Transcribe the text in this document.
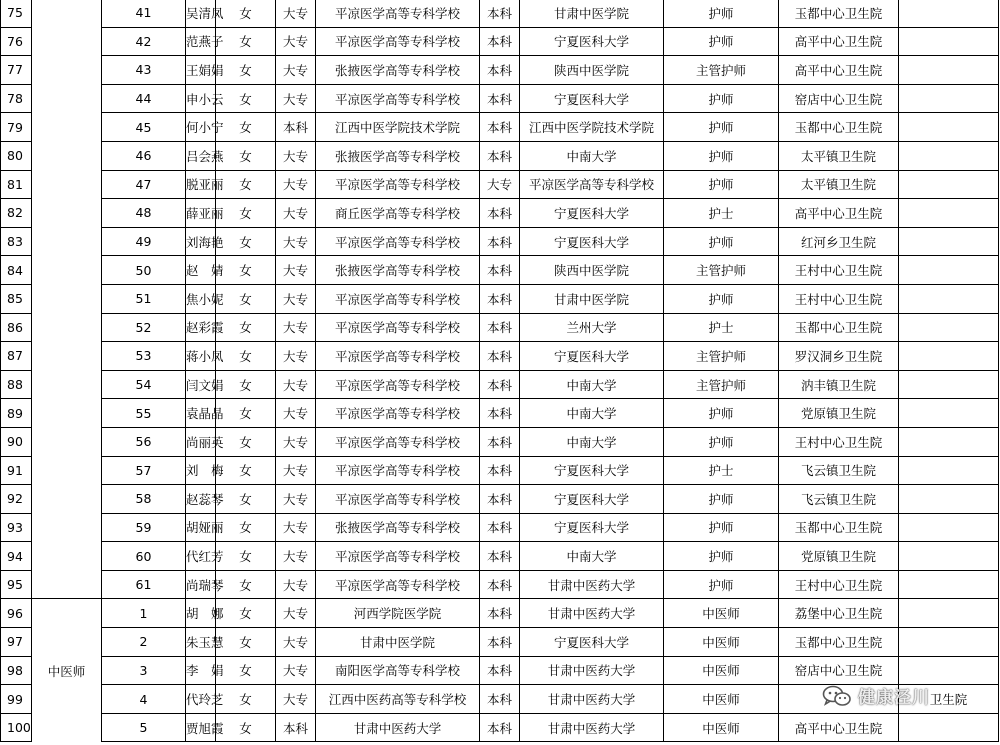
75		41	吴清凤	女	大专	平凉医学高等专科学校	本科	甘肃中医学院	护师	玉都中心卫生院	
76		42	范燕子	女	大专	平凉医学高等专科学校	本科	宁夏医科大学	护师	高平中心卫生院	
77		43	王娟娟	女	大专	张掖医学高等专科学校	本科	陕西中医学院	主管护师	高平中心卫生院	
78		44	申小云	女	大专	平凉医学高等专科学校	本科	宁夏医科大学	护师	窑店中心卫生院	
79		45	何小宁	女	本科	江西中医学院技术学院	本科	江西中医学院技术学院	护师	玉都中心卫生院	
80		46	吕会燕	女	大专	张掖医学高等专科学校	本科	中南大学	护师	太平镇卫生院	
81		47	脱亚丽	女	大专	平凉医学高等专科学校	大专	平凉医学高等专科学校	护师	太平镇卫生院	
82		48	薛亚丽	女	大专	商丘医学高等专科学校	本科	宁夏医科大学	护士	高平中心卫生院	
83		49	刘海艳	女	大专	平凉医学高等专科学校	本科	宁夏医科大学	护师	红河乡卫生院	
84		50	赵　婧	女	大专	张掖医学高等专科学校	本科	陕西中医学院	主管护师	王村中心卫生院	
85		51	焦小妮	女	大专	平凉医学高等专科学校	本科	甘肃中医学院	护师	王村中心卫生院	
86		52	赵彩霞	女	大专	平凉医学高等专科学校	本科	兰州大学	护士	玉都中心卫生院	
87		53	蒋小凤	女	大专	平凉医学高等专科学校	本科	宁夏医科大学	主管护师	罗汉洞乡卫生院	
88		54	闫文娟	女	大专	平凉医学高等专科学校	本科	中南大学	主管护师	汭丰镇卫生院	
89		55	袁晶晶	女	大专	平凉医学高等专科学校	本科	中南大学	护师	党原镇卫生院	
90		56	尚丽英	女	大专	平凉医学高等专科学校	本科	中南大学	护师	王村中心卫生院	
91		57	刘　梅	女	大专	平凉医学高等专科学校	本科	宁夏医科大学	护士	飞云镇卫生院	
92		58	赵蕊琴	女	大专	平凉医学高等专科学校	本科	宁夏医科大学	护师	飞云镇卫生院	
93		59	胡娅丽	女	大专	张掖医学高等专科学校	本科	宁夏医科大学	护师	玉都中心卫生院	
94		60	代红芳	女	大专	平凉医学高等专科学校	本科	中南大学	护师	党原镇卫生院	
95		61	尚瑞琴	女	大专	平凉医学高等专科学校	本科	甘肃中医药大学	护师	王村中心卫生院	
96	中医师	1	胡　娜	女	大专	河西学院医学院	本科	甘肃中医药大学	中医师	荔堡中心卫生院	
97		2	朱玉慧	女	大专	甘肃中医学院	本科	宁夏医科大学	中医师	玉都中心卫生院	
98		3	李　娟	女	大专	南阳医学高等专科学校	本科	甘肃中医药大学	中医师	窑店中心卫生院	
99		4	代玲芝	女	大专	江西中医药高等专科学校	本科	甘肃中医药大学	中医师		卫生院
100		5	贾旭霞	女	本科	甘肃中医药大学	本科	甘肃中医药大学	中医师	高平中心卫生院	
健康泾川
